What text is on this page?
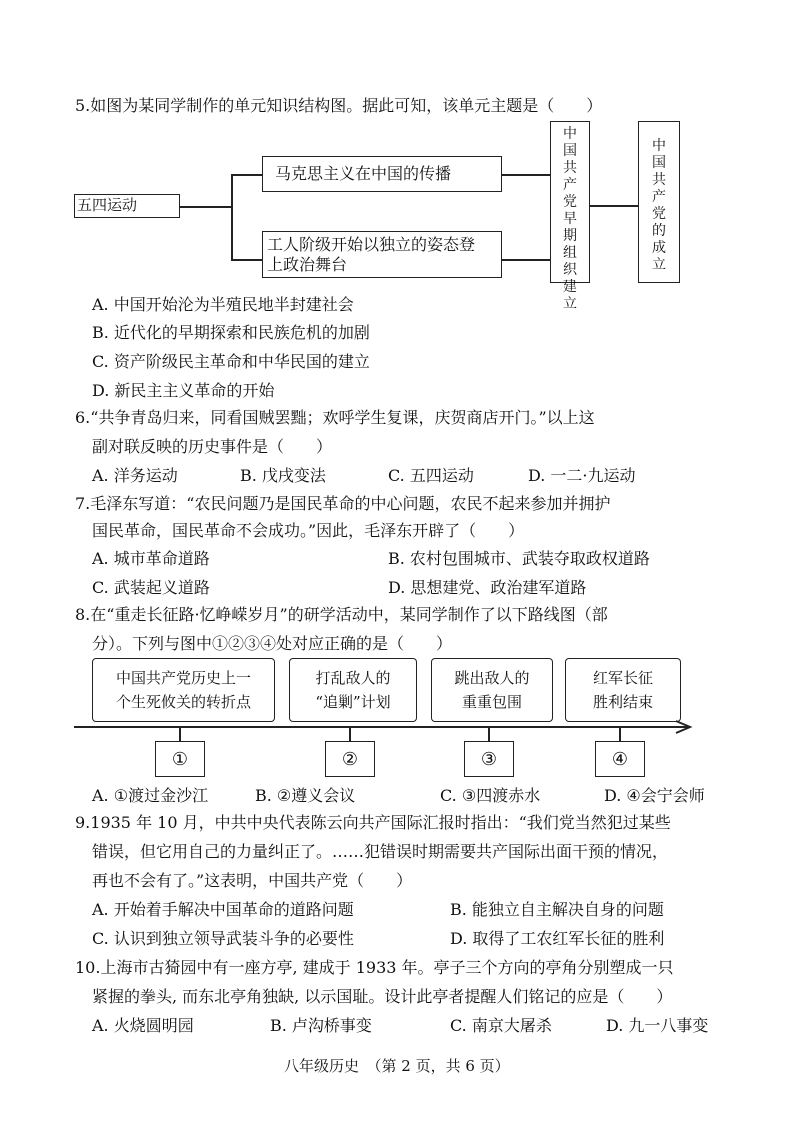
5.如图为某同学制作的单元知识结构图。据此可知，该单元主题是（　　）
五四运动
马克思主义在中国的传播
工人阶级开始以独立的姿态登
上政治舞台
中
国
共
产
党
早
期
组
织
建
立
中
国
共
产
党
的
成
立
A. 中国开始沦为半殖民地半封建社会
B. 近代化的早期探索和民族危机的加剧
C. 资产阶级民主革命和中华民国的建立
D. 新民主主义革命的开始
6.“共争青岛归来，同看国贼罢黜；欢呼学生复课，庆贺商店开门。”以上这
副对联反映的历史事件是（　　）
A. 洋务运动	B. 戊戌变法	C. 五四运动	D. 一二·九运动
7.毛泽东写道：“农民问题乃是国民革命的中心问题，农民不起来参加并拥护
国民革命，国民革命不会成功。”因此，毛泽东开辟了（　　）
A. 城市革命道路	B. 农村包围城市、武装夺取政权道路
C. 武装起义道路	D. 思想建党、政治建军道路
8.在“重走长征路·忆峥嵘岁月”的研学活动中，某同学制作了以下路线图（部
分）。下列与图中①②③④处对应正确的是（　　）
中国共产党历史上一
个生死攸关的转折点
打乱敌人的
“追剿”计划
跳出敌人的
重重包围
红军长征
胜利结束
①	②	③	④
A. ①渡过金沙江	B. ②遵义会议	C. ③四渡赤水	D. ④会宁会师
9.1935 年 10 月，中共中央代表陈云向共产国际汇报时指出：“我们党当然犯过某些
错误，但它用自己的力量纠正了。……犯错误时期需要共产国际出面干预的情况，
再也不会有了。”这表明，中国共产党（　　）
A. 开始着手解决中国革命的道路问题	B. 能独立自主解决自身的问题
C. 认识到独立领导武装斗争的必要性	D. 取得了工农红军长征的胜利
10.上海市古猗园中有一座方亭, 建成于 1933 年。亭子三个方向的亭角分别塑成一只
紧握的拳头, 而东北亭角独缺, 以示国耻。设计此亭者提醒人们铭记的应是（　　）
A. 火烧圆明园	B. 卢沟桥事变	C. 南京大屠杀	D. 九一八事变
八年级历史　（第 2 页，共 6 页）
